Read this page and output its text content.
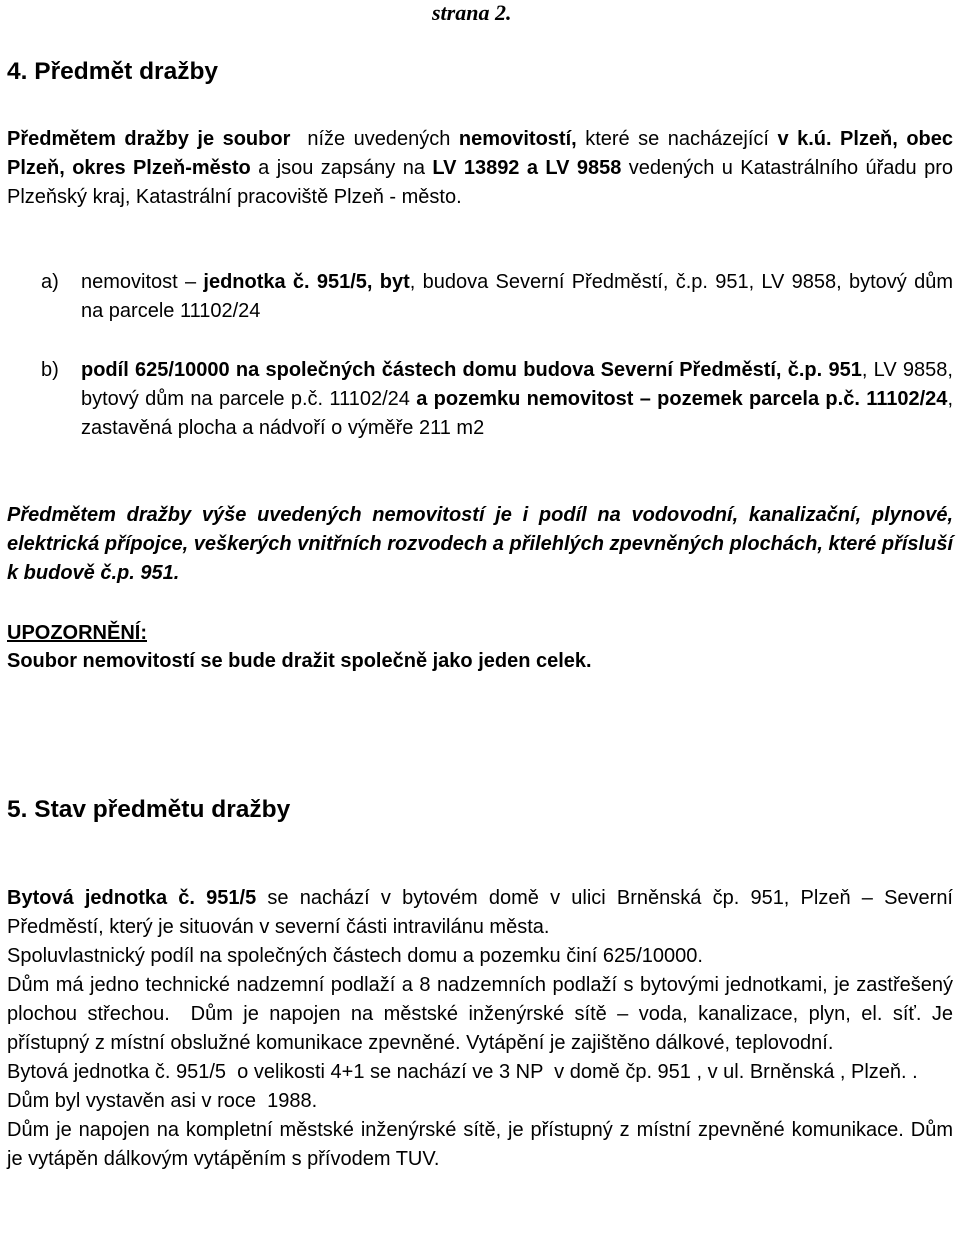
strana 2.
4. Předmět dražby
Předmětem dražby je soubor  níže uvedených nemovitostí, které se nacházející v k.ú. Plzeň, obec Plzeň, okres Plzeň-město a jsou zapsány na LV 13892 a LV 9858 vedených u Katastrálního úřadu pro Plzeňský kraj, Katastrální pracoviště Plzeň - město.
a) nemovitost – jednotka č. 951/5, byt, budova Severní Předměstí, č.p. 951, LV 9858, bytový dům na parcele 11102/24
b) podíl 625/10000 na společných částech domu budova Severní Předměstí, č.p. 951, LV 9858, bytový dům na parcele p.č. 11102/24 a pozemku nemovitost – pozemek parcela p.č. 11102/24, zastavěná plocha a nádvoří o výměře 211 m2
Předmětem dražby výše uvedených nemovitostí je i podíl na vodovodní, kanalizační, plynové, elektrická přípojce, veškerých vnitřních rozvodech a přilehlých zpevněných plochách, které přísluší k budově č.p. 951.
UPOZORNĚNÍ:
Soubor nemovitostí se bude dražit společně jako jeden celek.
5. Stav předmětu dražby
Bytová jednotka č. 951/5 se nachází v bytovém domě v ulici Brněnská čp. 951, Plzeň – Severní Předměstí, který je situován v severní části intravilánu města.
Spoluvlastnický podíl na společných částech domu a pozemku činí 625/10000.
Dům má jedno technické nadzemní podlaží a 8 nadzemních podlaží s bytovými jednotkami, je zastřešený plochou střechou.  Dům je napojen na městské inženýrské sítě – voda, kanalizace, plyn, el. síť. Je přístupný z místní obslužné komunikace zpevněné. Vytápění je zajištěno dálkové, teplovodní.
Bytová jednotka č. 951/5  o velikosti 4+1 se nachází ve 3 NP  v domě čp. 951 , v ul. Brněnská , Plzeň. .
Dům byl vystavěn asi v roce  1988.
Dům je napojen na kompletní městské inženýrské sítě, je přístupný z místní zpevněné komunikace. Dům je vytápěn dálkovým vytápěním s přívodem TUV.
